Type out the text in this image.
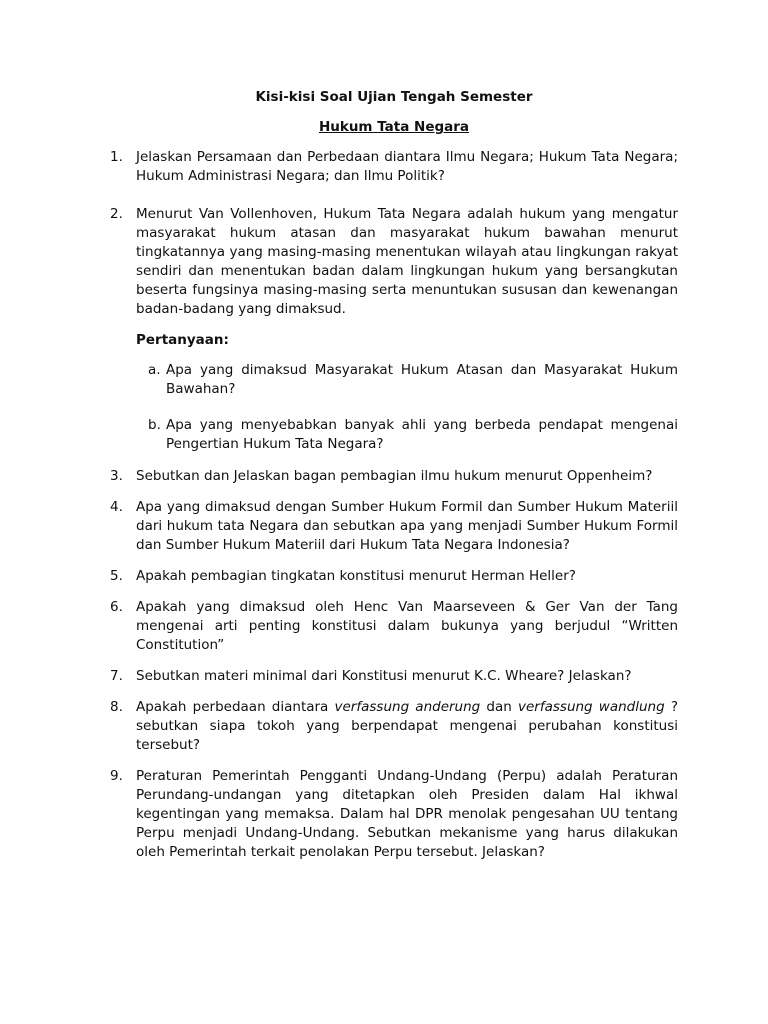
Kisi-kisi Soal Ujian Tengah Semester
Hukum Tata Negara
1. Jelaskan Persamaan dan Perbedaan diantara Ilmu Negara; Hukum Tata Negara; Hukum Administrasi Negara; dan Ilmu Politik?
2. Menurut Van Vollenhoven, Hukum Tata Negara adalah hukum yang mengatur masyarakat hukum atasan dan masyarakat hukum bawahan menurut tingkatannya yang masing-masing menentukan wilayah atau lingkungan rakyat sendiri dan menentukan badan dalam lingkungan hukum yang bersangkutan beserta fungsinya masing-masing serta menuntukan sususan dan kewenangan badan-badang yang dimaksud.
Pertanyaan:
a. Apa yang dimaksud Masyarakat Hukum Atasan dan Masyarakat Hukum Bawahan?
b. Apa yang menyebabkan banyak ahli yang berbeda pendapat mengenai Pengertian Hukum Tata Negara?
3. Sebutkan dan Jelaskan bagan pembagian ilmu hukum menurut Oppenheim?
4. Apa yang dimaksud dengan Sumber Hukum Formil dan Sumber Hukum Materiil dari hukum tata Negara dan sebutkan apa yang menjadi Sumber Hukum Formil dan Sumber Hukum Materiil dari Hukum Tata Negara Indonesia?
5. Apakah pembagian tingkatan konstitusi menurut Herman Heller?
6. Apakah yang dimaksud oleh Henc Van Maarseveen & Ger Van der Tang mengenai arti penting konstitusi dalam bukunya yang berjudul “Written Constitution”
7. Sebutkan materi minimal dari Konstitusi menurut K.C. Wheare? Jelaskan?
8. Apakah perbedaan diantara verfassung anderung dan verfassung wandlung ? sebutkan siapa tokoh yang berpendapat mengenai perubahan konstitusi tersebut?
9. Peraturan Pemerintah Pengganti Undang-Undang (Perpu) adalah Peraturan Perundang-undangan yang ditetapkan oleh Presiden dalam Hal ikhwal kegentingan yang memaksa. Dalam hal DPR menolak pengesahan UU tentang Perpu menjadi Undang-Undang. Sebutkan mekanisme yang harus dilakukan oleh Pemerintah terkait penolakan Perpu tersebut. Jelaskan?
